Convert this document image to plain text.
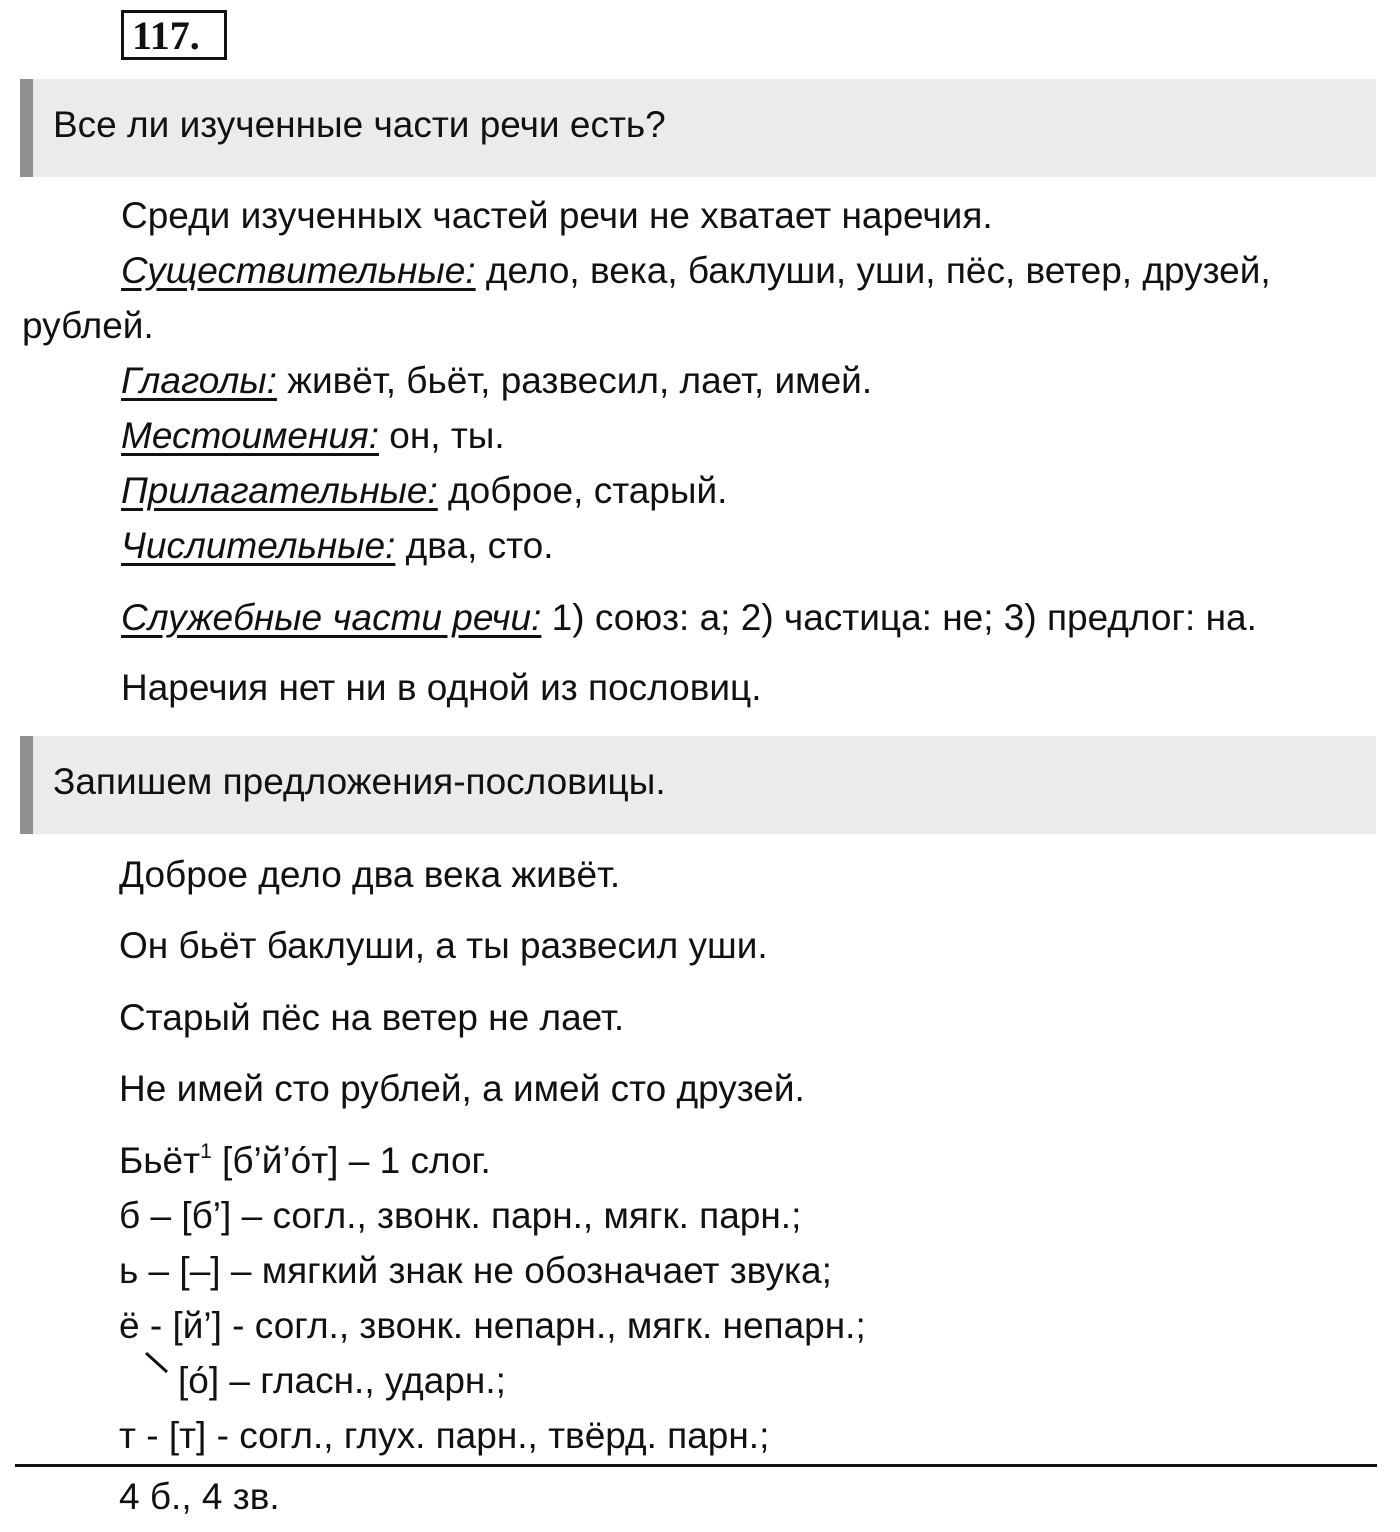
117.
Все ли изученные части речи есть?
Среди изученных частей речи не хватает наречия.
Существительные: дело, века, баклуши, уши, пёс, ветер, друзей,
рублей.
Глаголы: живёт, бьёт, развесил, лает, имей.
Местоимения: он, ты.
Прилагательные: доброе, старый.
Числительные: два, сто.
Служебные части речи: 1) союз: а; 2) частица: не; 3) предлог: на.
Наречия нет ни в одной из пословиц.
Запишем предложения-пословицы.
Доброе дело два века живёт.
Он бьёт баклуши, а ты развесил уши.
Старый пёс на ветер не лает.
Не имей сто рублей, а имей сто друзей.
Бьёт$^1$ [б’й’о́т] – 1 слог.
б – [б’] – согл., звонк. парн., мягк. парн.;
ь – [–] – мягкий знак не обозначает звука;
ё - [й’] - согл., звонк. непарн., мягк. непарн.;
[о́] – гласн., ударн.;
т - [т] - согл., глух. парн., твёрд. парн.;
4 б., 4 зв.
